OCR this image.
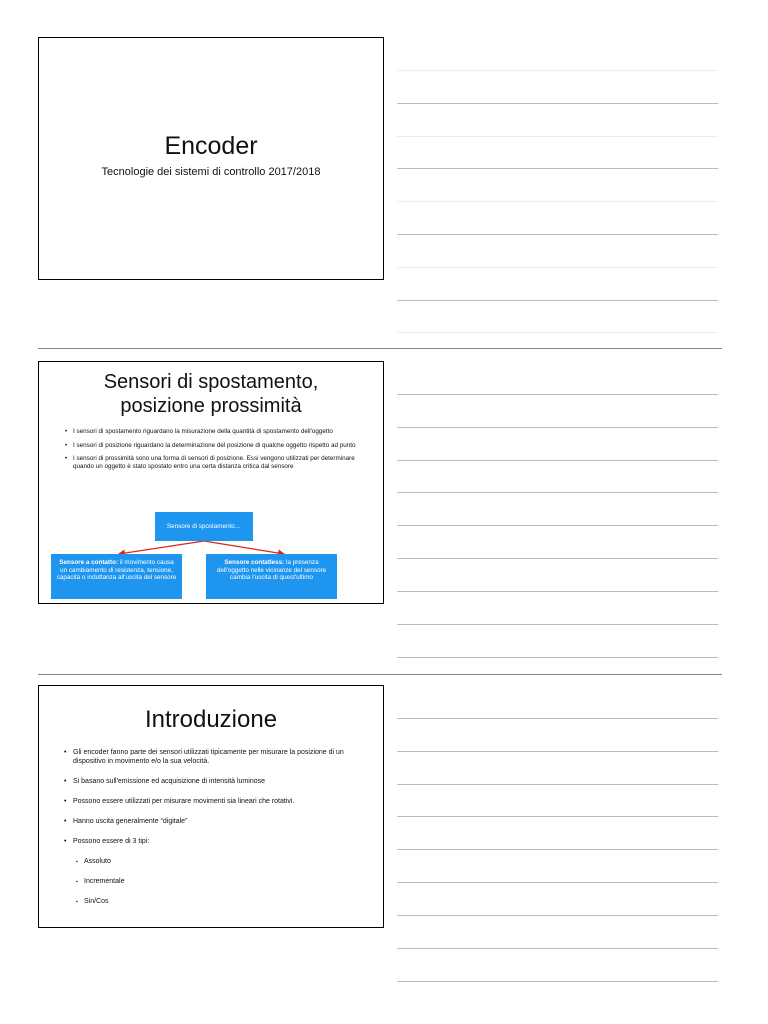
Encoder
Tecnologie dei sistemi di controllo 2017/2018
Sensori di spostamento,
posizione prossimità
• I sensori di spostamento riguardano la misurazione della quantità di spostamento dell'oggetto
• I sensori di posizione riguardano la determinazione del posizione di qualche oggetto rispetto ad punto
• I sensori di prossimità sono una forma di sensori di posizione. Essi vengono utilizzati per determinare quando un oggetto è stato spostato entro una certa distanza critica dal sensore
Sensore di spostamento…
Sensore a contatto: il movimento causa un cambiamento di resistenza, tensione, capacità o induttanza all'uscita del sensore
Sensore contatless: la presenza dell'oggetto nelle vicinanze del sensore cambia l'uscita di quest'ultimo
Introduzione
• Gli encoder fanno parte dei sensori utilizzati tipicamente per misurare la posizione di un dispositivo in movimento e/o la sua velocità.
• Si basano sull'emissione ed acquisizione di intensità luminose
• Possono essere utilizzati per misurare movimenti sia lineari che rotativi.
• Hanno uscita generalmente “digitale”
• Possono essere di 3 tipi:
▪ Assoluto
▪ Incrementale
▪ Sin/Cos
